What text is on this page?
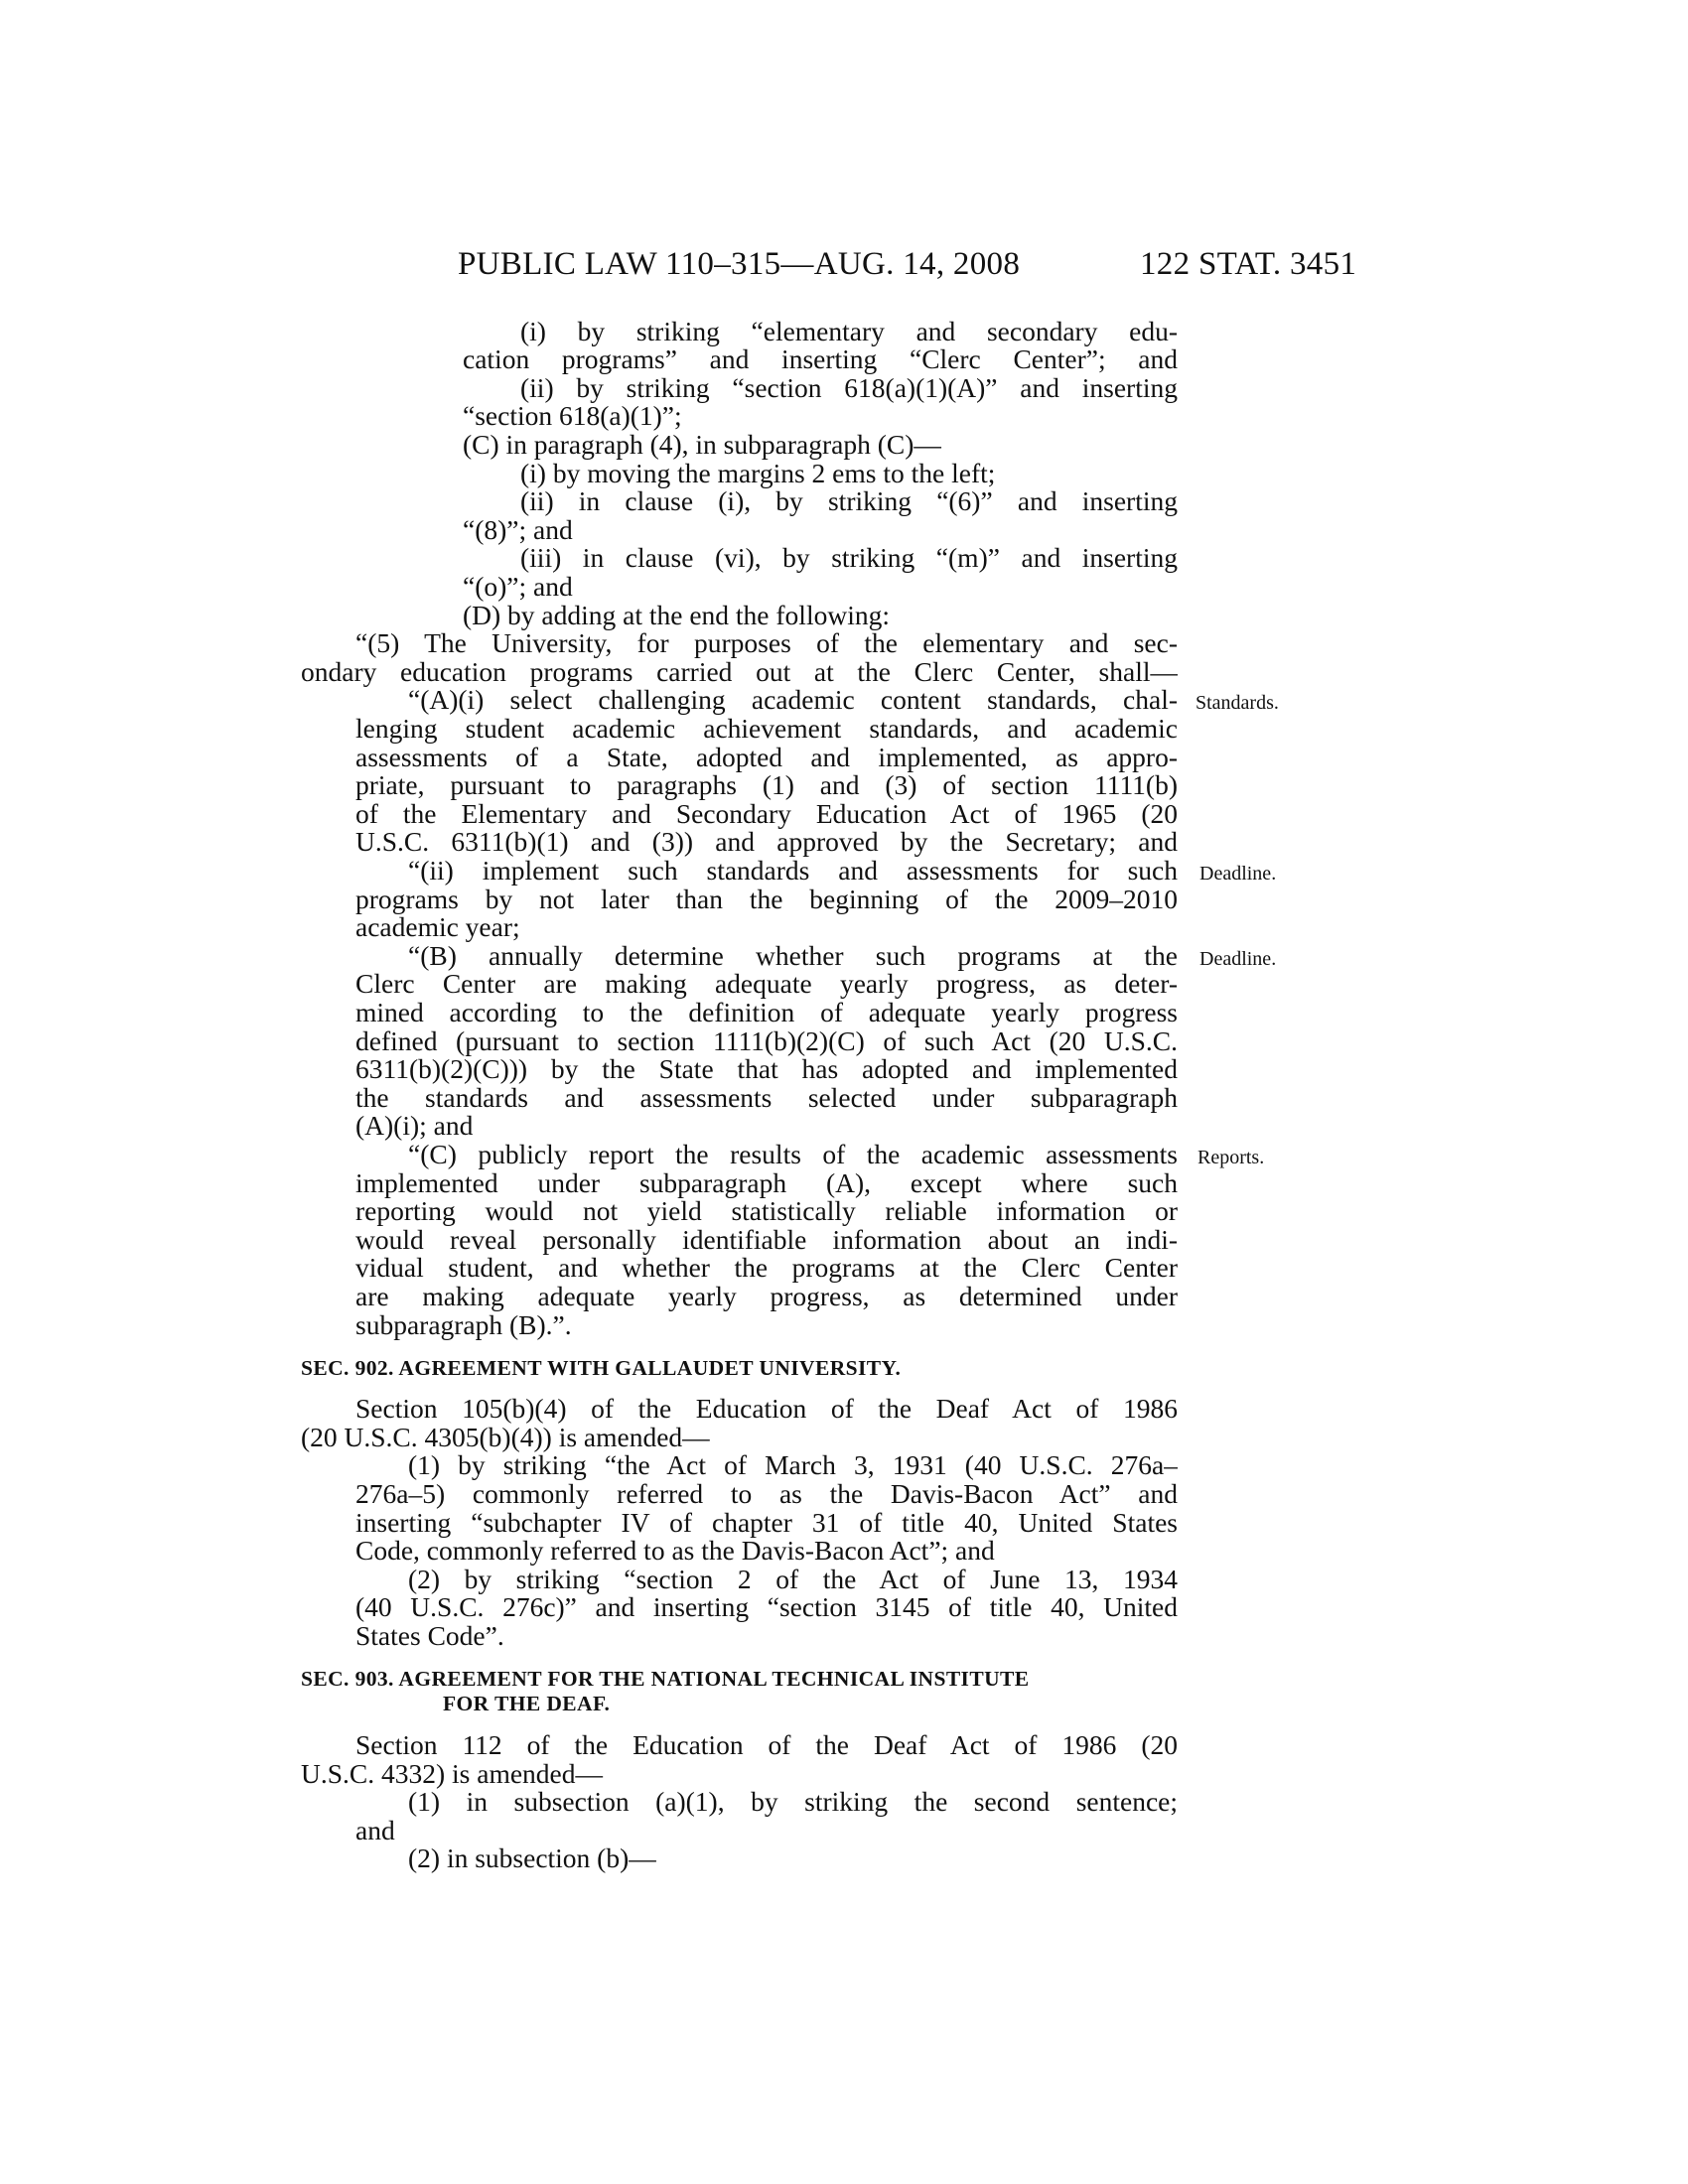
PUBLIC LAW 110–315—AUG. 14, 2008	122 STAT. 3451
(i) by striking “elementary and secondary edu-
cation programs” and inserting “Clerc Center”; and
(ii) by striking “section 618(a)(1)(A)” and inserting
“section 618(a)(1)”;
(C) in paragraph (4), in subparagraph (C)—
(i) by moving the margins 2 ems to the left;
(ii) in clause (i), by striking “(6)” and inserting
“(8)”; and
(iii) in clause (vi), by striking “(m)” and inserting
“(o)”; and
(D) by adding at the end the following:
“(5) The University, for purposes of the elementary and sec-
ondary education programs carried out at the Clerc Center, shall—
“(A)(i) select challenging academic content standards, chal-
lenging student academic achievement standards, and academic
assessments of a State, adopted and implemented, as appro-
priate, pursuant to paragraphs (1) and (3) of section 1111(b)
of the Elementary and Secondary Education Act of 1965 (20
U.S.C. 6311(b)(1) and (3)) and approved by the Secretary; and
“(ii) implement such standards and assessments for such
programs by not later than the beginning of the 2009–2010
academic year;
“(B) annually determine whether such programs at the
Clerc Center are making adequate yearly progress, as deter-
mined according to the definition of adequate yearly progress
defined (pursuant to section 1111(b)(2)(C) of such Act (20 U.S.C.
6311(b)(2)(C))) by the State that has adopted and implemented
the standards and assessments selected under subparagraph
(A)(i); and
“(C) publicly report the results of the academic assessments
implemented under subparagraph (A), except where such
reporting would not yield statistically reliable information or
would reveal personally identifiable information about an indi-
vidual student, and whether the programs at the Clerc Center
are making adequate yearly progress, as determined under
subparagraph (B).”.
SEC. 902. AGREEMENT WITH GALLAUDET UNIVERSITY.
Section 105(b)(4) of the Education of the Deaf Act of 1986
(20 U.S.C. 4305(b)(4)) is amended—
(1) by striking “the Act of March 3, 1931 (40 U.S.C. 276a–
276a–5) commonly referred to as the Davis-Bacon Act” and
inserting “subchapter IV of chapter 31 of title 40, United States
Code, commonly referred to as the Davis-Bacon Act”; and
(2) by striking “section 2 of the Act of June 13, 1934
(40 U.S.C. 276c)” and inserting “section 3145 of title 40, United
States Code”.
SEC. 903. AGREEMENT FOR THE NATIONAL TECHNICAL INSTITUTE
FOR THE DEAF.
Section 112 of the Education of the Deaf Act of 1986 (20
U.S.C. 4332) is amended—
(1) in subsection (a)(1), by striking the second sentence;
and
(2) in subsection (b)—
Standards.
Deadline.
Deadline.
Reports.
